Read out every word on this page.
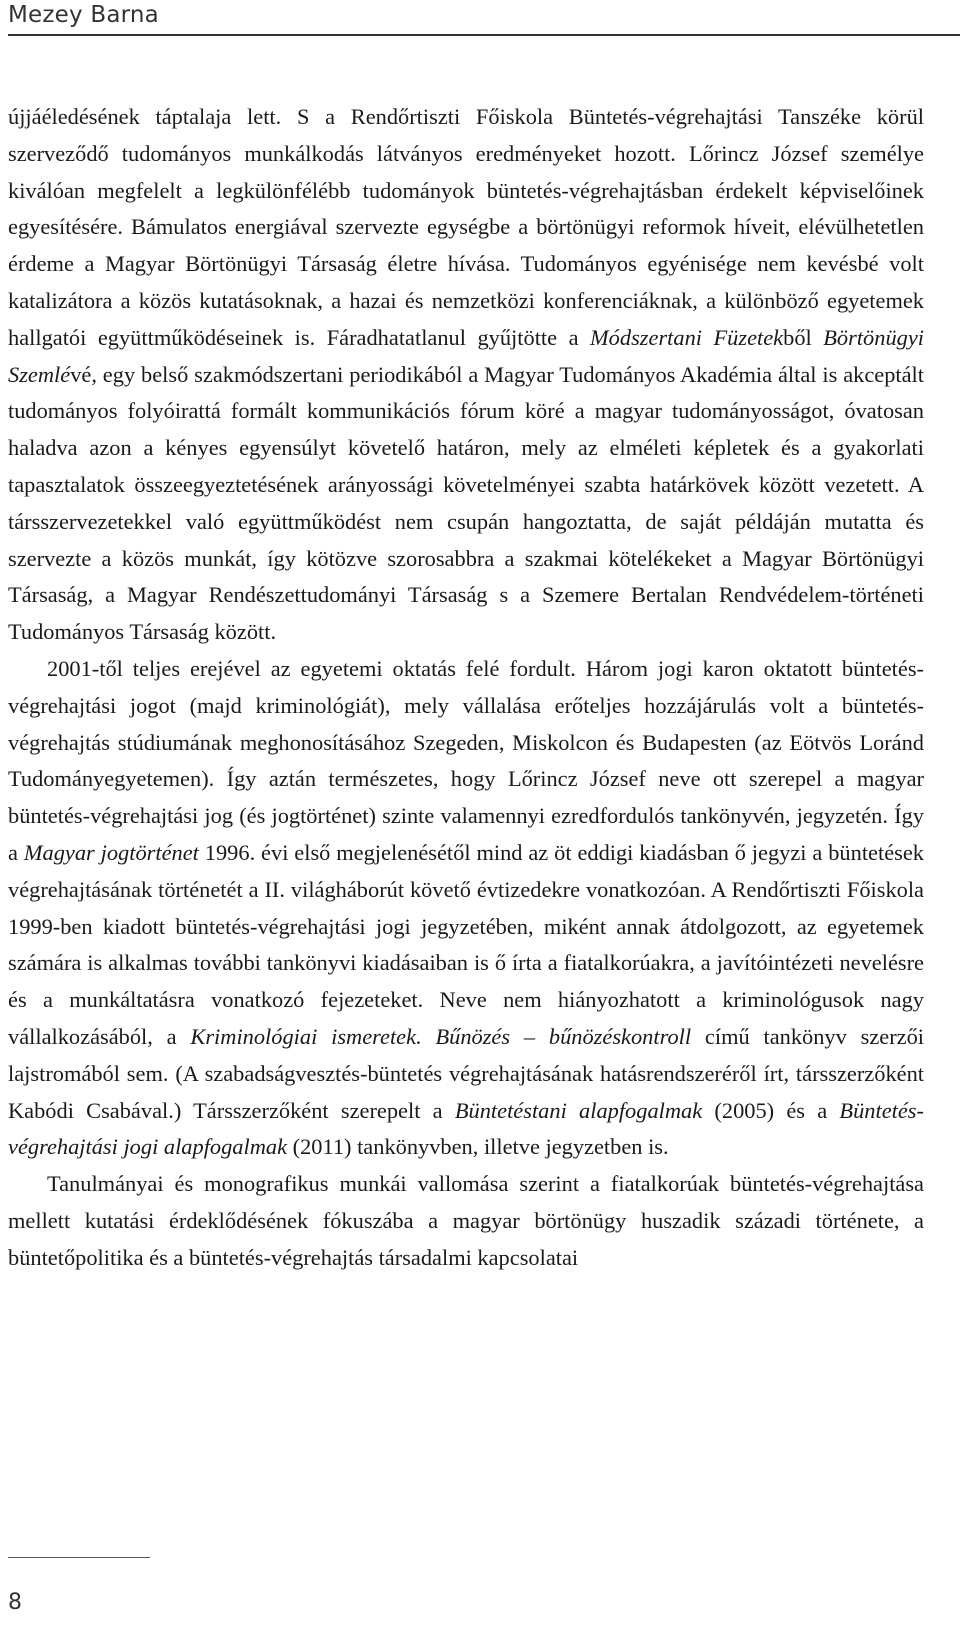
Mezey Barna

újjáéledésének táptalaja lett. S a Rendőrtiszti Főiskola Büntetés-végrehajtási Tanszéke körül szerveződő tudományos munkálkodás látványos eredményeket hozott. Lőrincz József személye kiválóan megfelelt a legkülönfélébb tudományok büntetés-végrehajtásban érdekelt képviselőinek egyesítésére. Bámulatos energiával szervezte egységbe a börtönügyi reformok híveit, elévülhetetlen érdeme a Magyar Börtönügyi Társaság életre hívása. Tudományos egyénisége nem kevésbé volt katalizátora a közös kutatásoknak, a hazai és nemzetközi konferenciáknak, a különböző egyetemek hallgatói együttműködéseinek is. Fáradhatatlanul gyűjtötte a Módszertani Füzetekből Börtönügyi Szemlévé, egy belső szakmódszertani periodikából a Magyar Tudományos Akadémia által is akceptált tudományos folyóirattá formált kommunikációs fórum köré a magyar tudományosságot, óvatosan haladva azon a kényes egyensúlyt követelő határon, mely az elméleti képletek és a gyakorlati tapasztalatok összeegyeztetésének arányossági követelményei szabta határkövek között vezetett. A társszervezetekkel való együttműködést nem csupán hangoztatta, de saját példáján mutatta és szervezte a közös munkát, így kötözve szorosabbra a szakmai kötelékeket a Magyar Börtönügyi Társaság, a Magyar Rendészettudományi Társaság s a Szemere Bertalan Rendvédelem-történeti Tudományos Társaság között.

2001-től teljes erejével az egyetemi oktatás felé fordult. Három jogi karon oktatott büntetés-végrehajtási jogot (majd kriminológiát), mely vállalása erőteljes hozzájárulás volt a büntetés-végrehajtás stúdiumának meghonosításához Szegeden, Miskolcon és Budapesten (az Eötvös Loránd Tudományegyetemen). Így aztán természetes, hogy Lőrincz József neve ott szerepel a magyar büntetés-végrehajtási jog (és jogtörténet) szinte valamennyi ezredfordulós tankönyvén, jegyzetén. Így a Magyar jogtörténet 1996. évi első megjelenésétől mind az öt eddigi kiadásban ő jegyzi a büntetések végrehajtásának történetét a II. világháborút követő évtizedekre vonatkozóan. A Rendőrtiszti Főiskola 1999-ben kiadott büntetés-végrehajtási jogi jegyzetében, miként annak átdolgozott, az egyetemek számára is alkalmas további tankönyvi kiadásaiban is ő írta a fiatalkorúakra, a javítóintézeti nevelésre és a munkáltatásra vonatkozó fejezeteket. Neve nem hiányozhatott a kriminológusok nagy vállalkozásából, a Kriminológiai ismeretek. Bűnözés – bűnözéskontroll című tankönyv szerzői lajstromából sem. (A szabadságvesztés-büntetés végrehajtásának hatásrendszeréről írt, társszerzőként Kabódi Csabával.) Társszerzőként szerepelt a Büntetéstani alapfogalmak (2005) és a Büntetés-végrehajtási jogi alapfogalmak (2011) tankönyvben, illetve jegyzetben is.

Tanulmányai és monografikus munkái vallomása szerint a fiatalkorúak büntetés-végrehajtása mellett kutatási érdeklődésének fókuszába a magyar börtönügy huszadik századi története, a büntetőpolitika és a büntetés-végrehajtás társadalmi kapcsolatai

8
